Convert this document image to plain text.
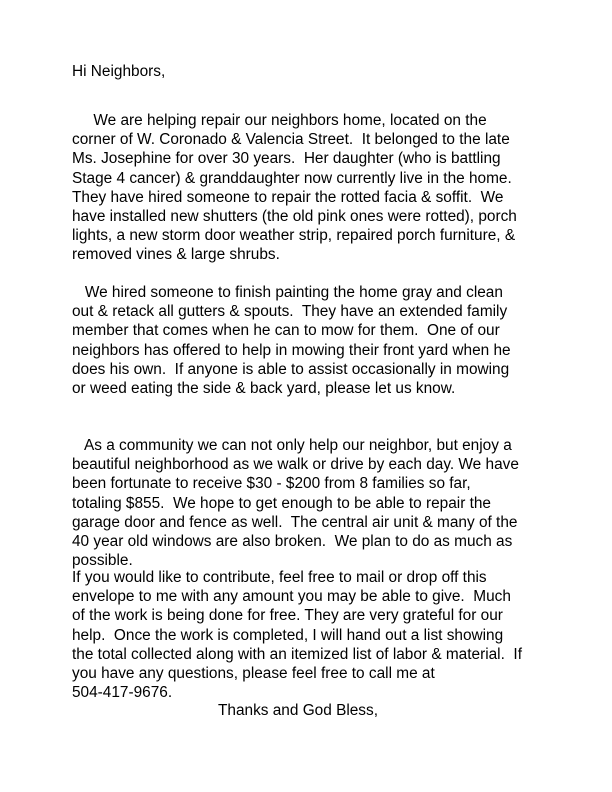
Hi Neighbors,
We are helping repair our neighbors home, located on the
corner of W. Coronado & Valencia Street.  It belonged to the late
Ms. Josephine for over 30 years.  Her daughter (who is battling
Stage 4 cancer) & granddaughter now currently live in the home.
They have hired someone to repair the rotted facia & soffit.  We
have installed new shutters (the old pink ones were rotted), porch
lights, a new storm door weather strip, repaired porch furniture, &
removed vines & large shrubs.
We hired someone to finish painting the home gray and clean
out & retack all gutters & spouts.  They have an extended family
member that comes when he can to mow for them.  One of our
neighbors has offered to help in mowing their front yard when he
does his own.  If anyone is able to assist occasionally in mowing
or weed eating the side & back yard, please let us know.
As a community we can not only help our neighbor, but enjoy a
beautiful neighborhood as we walk or drive by each day. We have
been fortunate to receive $30 - $200 from 8 families so far,
totaling $855.  We hope to get enough to be able to repair the
garage door and fence as well.  The central air unit & many of the
40 year old windows are also broken.  We plan to do as much as
possible.
If you would like to contribute, feel free to mail or drop off this
envelope to me with any amount you may be able to give.  Much
of the work is being done for free. They are very grateful for our
help.  Once the work is completed, I will hand out a list showing
the total collected along with an itemized list of labor & material.  If
you have any questions, please feel free to call me at
504-417-9676.
Thanks and God Bless,
